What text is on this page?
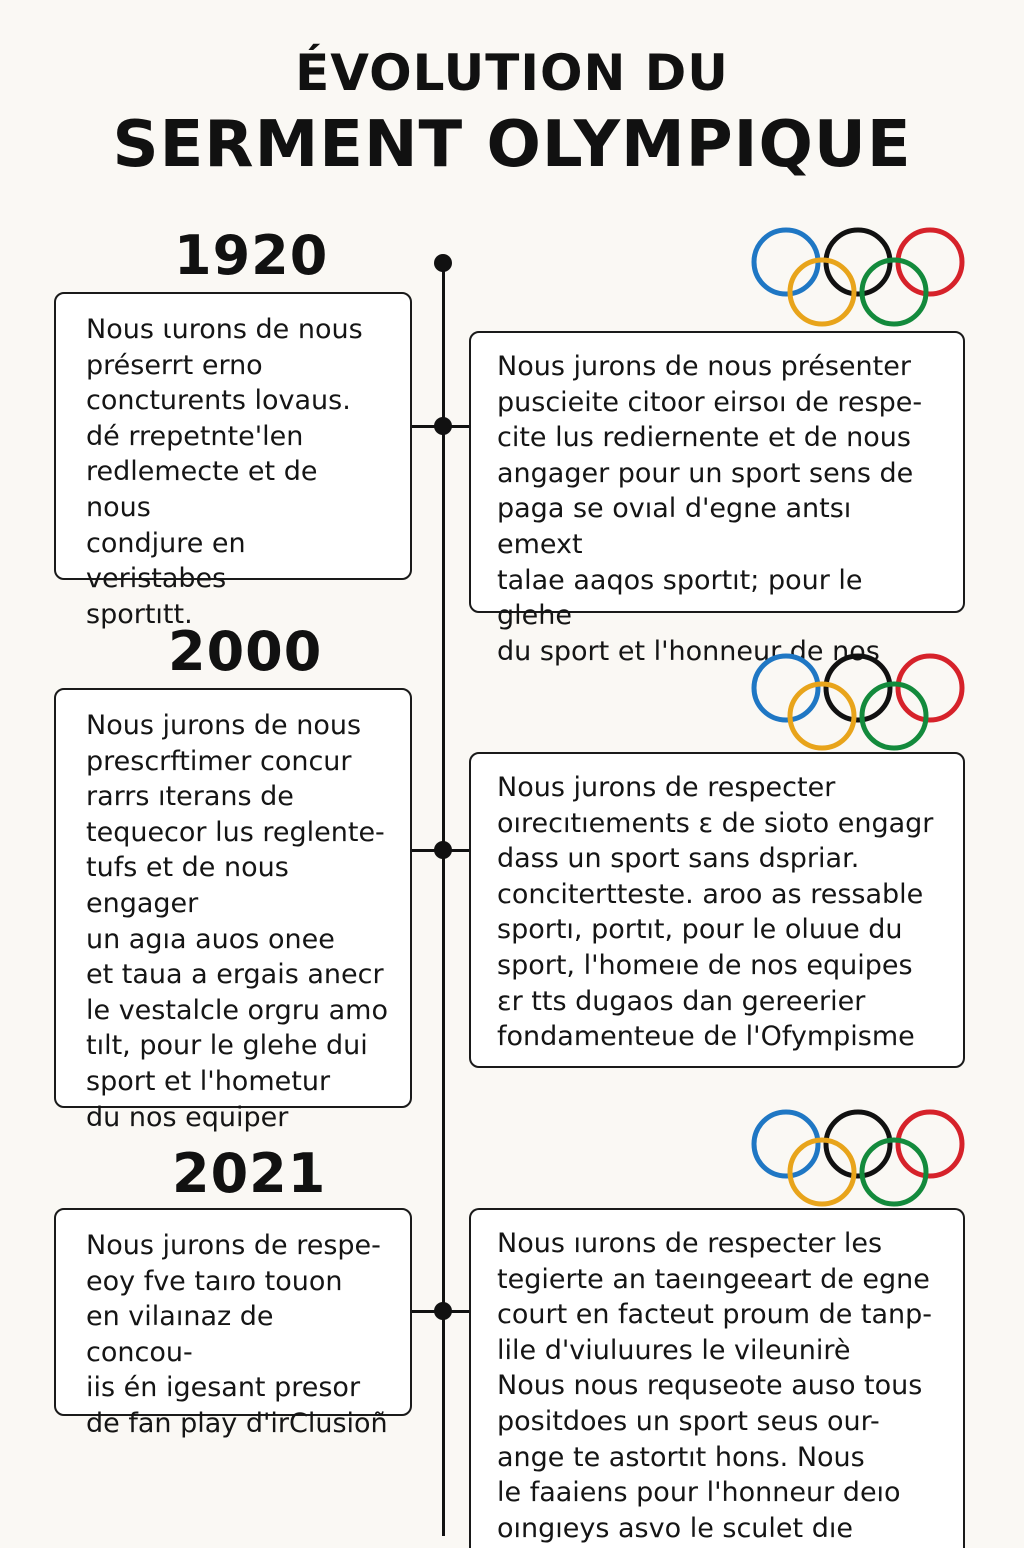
ÉVOLUTION DU
SERMENT OLYMPIQUE
1920

Nous ιurons de nous
préserrt erno
concturents lovaus.
dé rrepetnte'len
redlemecte et de nous
condjure en veristabes
sportıtt.

Nous jurons de nous présenter
puscieite citoor eirsoı de respe-
cite lus rediernente et de nous
angager pour un sport sens de
paga se ovıal d'egne antsı emext
talae aaqos sportıt; pour le glehe
du sport et l'honneur de nos

2000

Nous jurons de nous
prescrftimer concur
rarrs ıterans de
tequecor lus reglente-
tufs et de nous engager
un agıa auos onee
et taua a ergais anecr
le vestalcle orgru amo
tılt, pour le glehe dui
sport et l'hometur
du nos equiper

Nous jurons de respecter
oırecıtıements ɛ de sioto engagr
dass un sport sans dspriar.
concitertteste. aroo as ressable
sportı, portıt, pour le oluue du
sport, l'homeıe de nos equipes
ɛr tts dugaos dan gereerier
fondamenteue de l'Ofympisme

2021

Nous jurons de respe-
eoy fve taıro touon
en vilaınaz de concou-
iis én igesant presor
de fan play d'irClusioñ

Nous ıurons de respecter les
tegierte an taeıngeeart de egne
court en facteut proum de tanp-
lile d'viuluures le vileunirè
Nous nous requseote auso tous
positdoes un sport seus our-
ange te astortıt hons. Nous
le faaiens pour l'honneur deıo
oıngıeys asvo le sculet dıe
